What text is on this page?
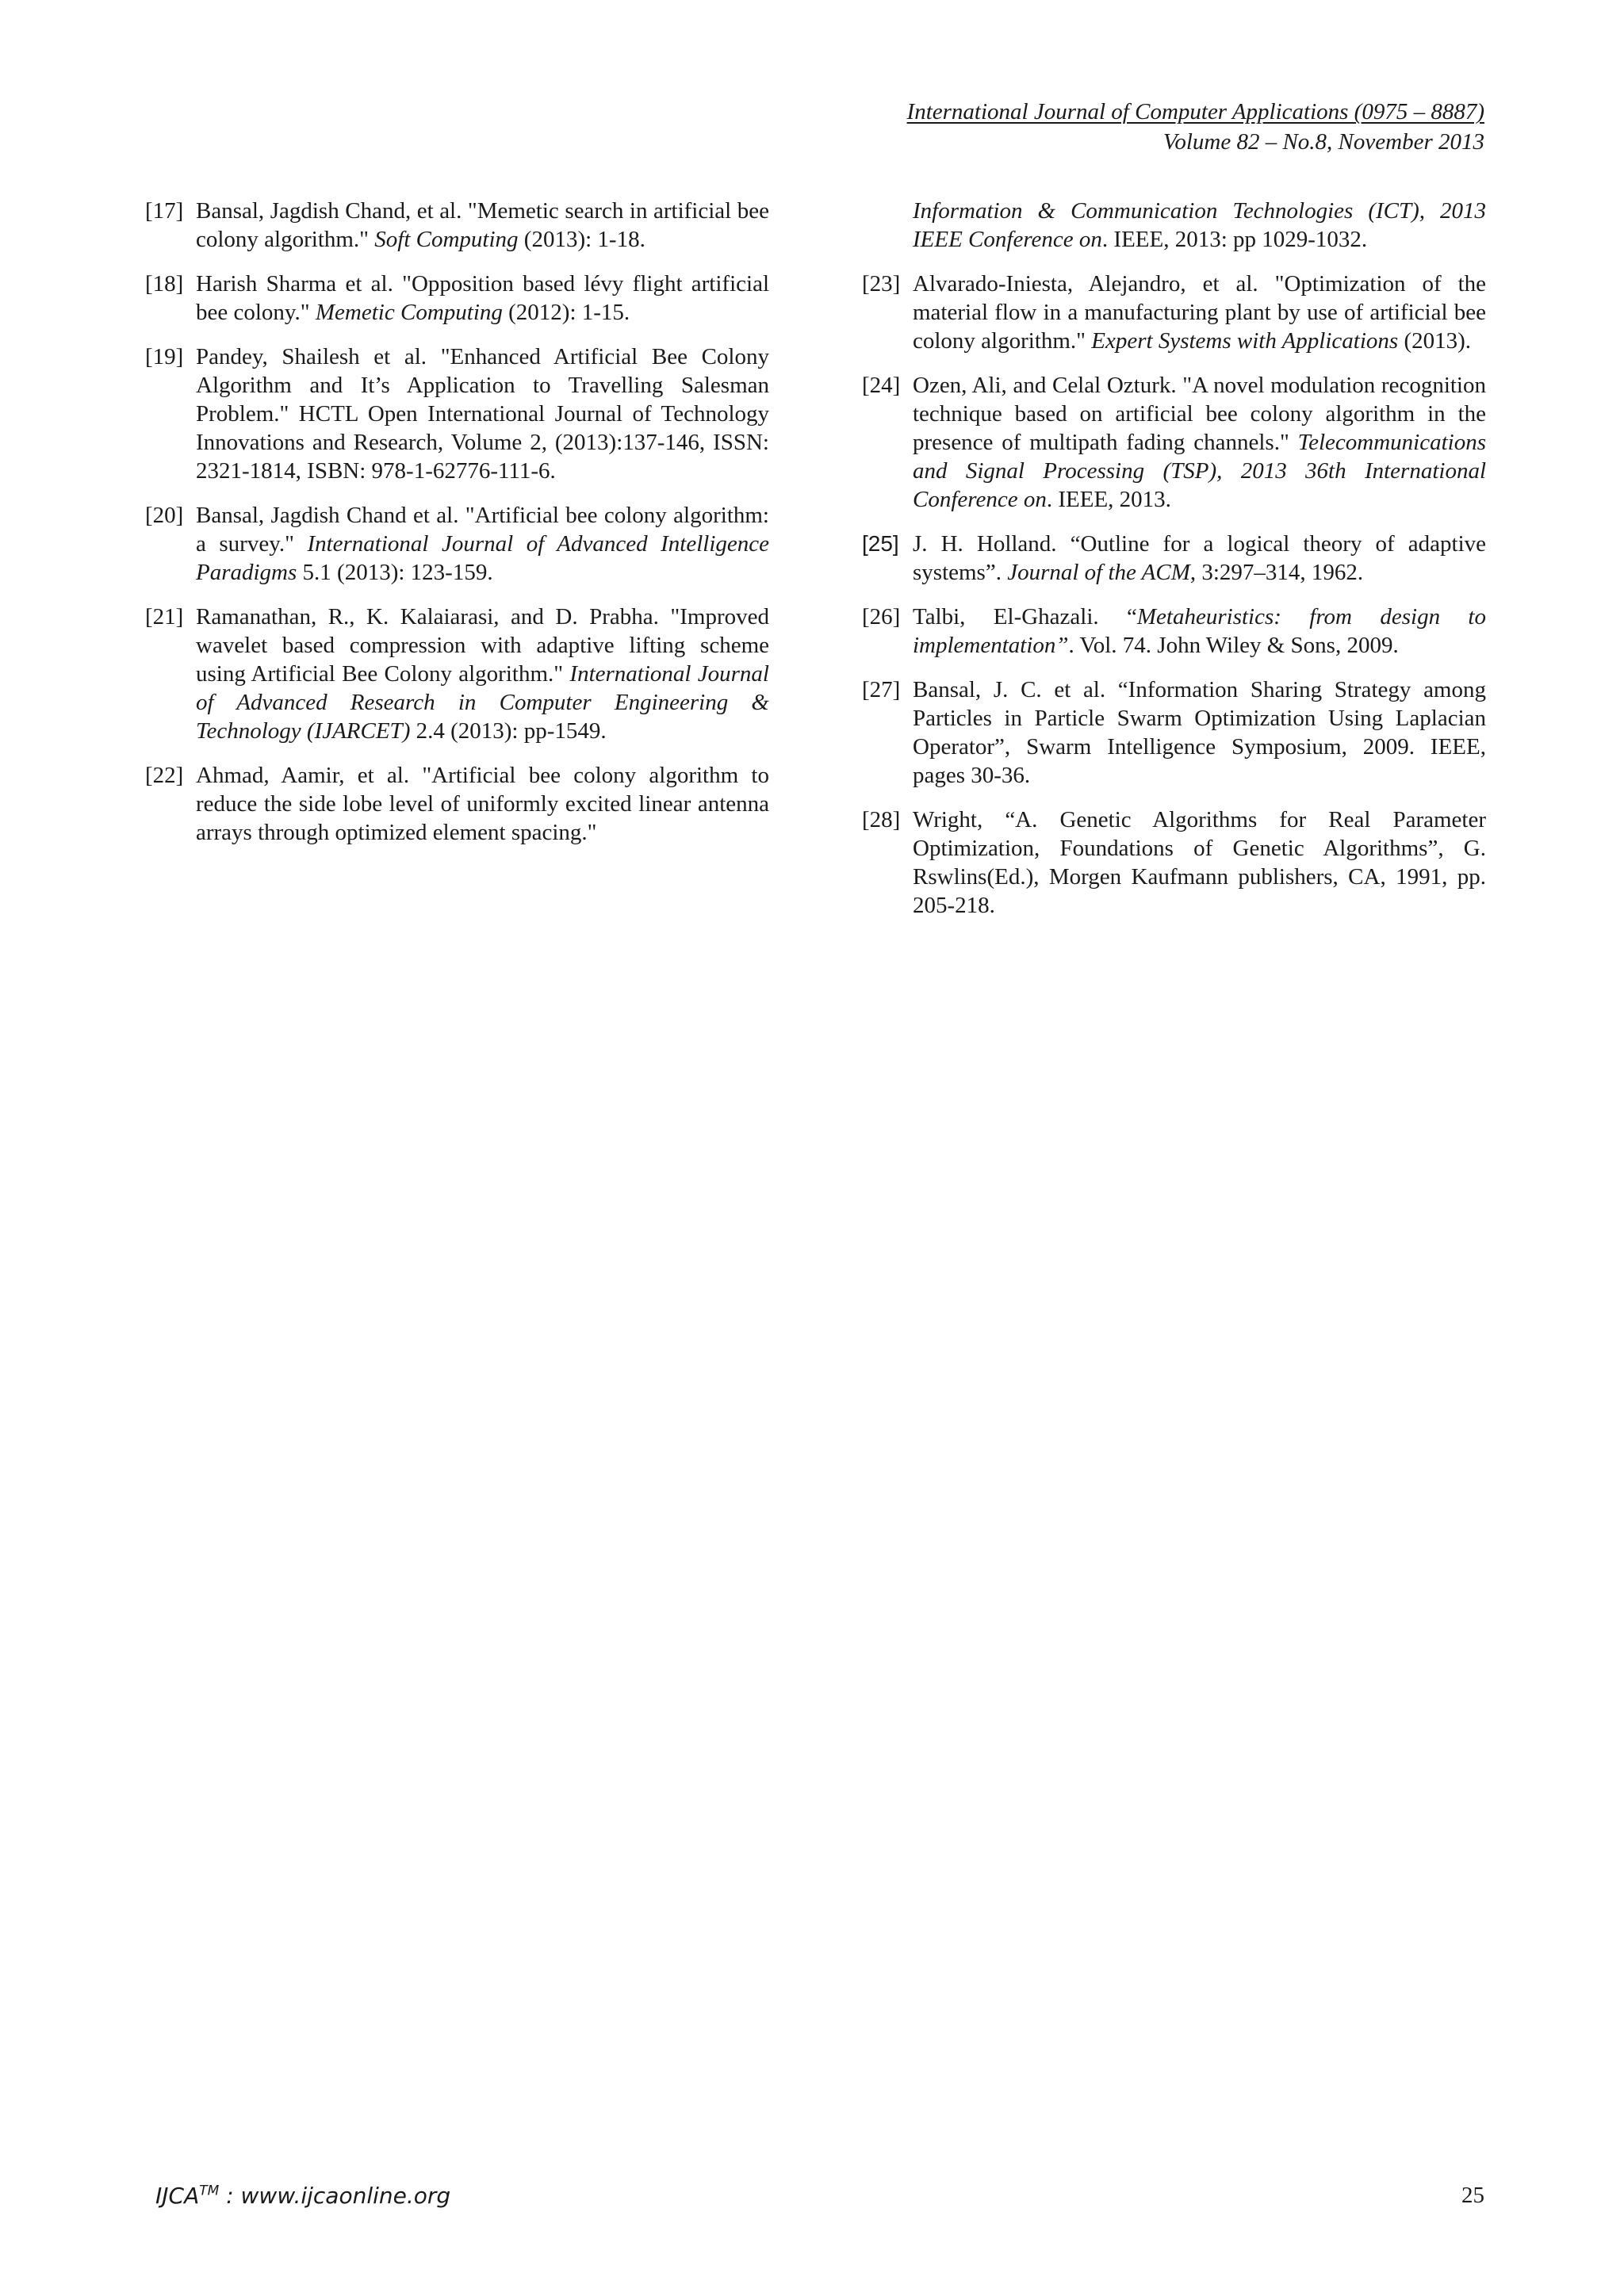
International Journal of Computer Applications (0975 – 8887)
Volume 82 – No.8, November 2013
[17] Bansal, Jagdish Chand, et al. "Memetic search in artificial bee colony algorithm." Soft Computing (2013): 1-18.
[18] Harish Sharma et al. "Opposition based lévy flight artificial bee colony." Memetic Computing (2012): 1-15.
[19] Pandey, Shailesh et al. "Enhanced Artificial Bee Colony Algorithm and It’s Application to Travelling Salesman Problem." HCTL Open International Journal of Technology Innovations and Research, Volume 2, (2013):137-146, ISSN: 2321-1814, ISBN: 978-1-62776-111-6.
[20] Bansal, Jagdish Chand et al. "Artificial bee colony algorithm: a survey." International Journal of Advanced Intelligence Paradigms 5.1 (2013): 123-159.
[21] Ramanathan, R., K. Kalaiarasi, and D. Prabha. "Improved wavelet based compression with adaptive lifting scheme using Artificial Bee Colony algorithm." International Journal of Advanced Research in Computer Engineering & Technology (IJARCET) 2.4 (2013): pp-1549.
[22] Ahmad, Aamir, et al. "Artificial bee colony algorithm to reduce the side lobe level of uniformly excited linear antenna arrays through optimized element spacing."
Information & Communication Technologies (ICT), 2013 IEEE Conference on. IEEE, 2013: pp 1029-1032.
[23] Alvarado-Iniesta, Alejandro, et al. "Optimization of the material flow in a manufacturing plant by use of artificial bee colony algorithm." Expert Systems with Applications (2013).
[24] Ozen, Ali, and Celal Ozturk. "A novel modulation recognition technique based on artificial bee colony algorithm in the presence of multipath fading channels." Telecommunications and Signal Processing (TSP), 2013 36th International Conference on. IEEE, 2013.
[25] J. H. Holland. “Outline for a logical theory of adaptive systems”. Journal of the ACM, 3:297–314, 1962.
[26] Talbi, El-Ghazali. “Metaheuristics: from design to implementation”. Vol. 74. John Wiley & Sons, 2009.
[27] Bansal, J. C. et al. “Information Sharing Strategy among Particles in Particle Swarm Optimization Using Laplacian Operator”, Swarm Intelligence Symposium, 2009. IEEE, pages 30-36.
[28] Wright, “A. Genetic Algorithms for Real Parameter Optimization, Foundations of Genetic Algorithms”, G. Rswlins(Ed.), Morgen Kaufmann publishers, CA, 1991, pp. 205-218.
IJCA™ : www.ijcaonline.org	25
